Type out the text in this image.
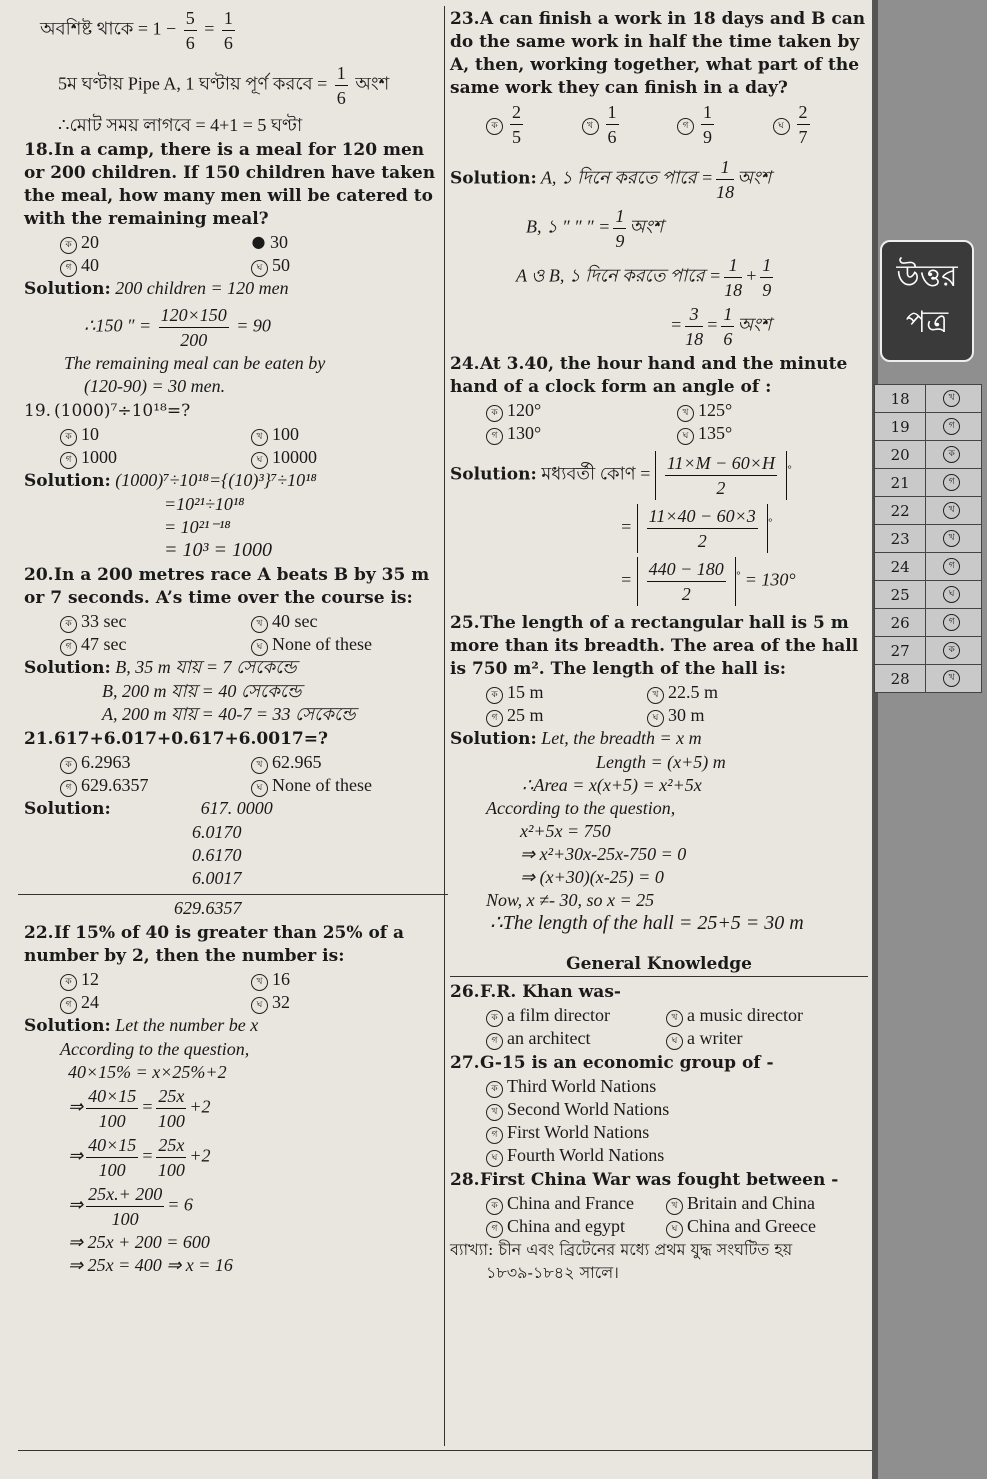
অবশিষ্ট থাকে = $1 - \frac{5}{6} = \frac{1}{6}$
5ম ঘণ্টায় Pipe A, 1 ঘণ্টায় পূর্ণ করবে = $\frac{1}{6}$ অংশ
∴মোট সময় লাগবে = 4+1 = 5 ঘণ্টা
18.In a camp, there is a meal for 120 men or 200 children. If 150 children have taken the meal, how many men will be catered to with the remaining meal?
ক 20	● 30
গ 40	ঘ 50
Solution: 200 children = 120 men
∴150 ″ = $\frac{120\times 150}{200} = 90$
The remaining meal can be eaten by
(120-90) = 30 men.
19. (1000)⁷÷10¹⁸=?
ক 10	খ 100
গ 1000	ঘ 10000
Solution: (1000)⁷÷10¹⁸={(10)³}⁷÷10¹⁸
=10²¹÷10¹⁸
= 10²¹⁻¹⁸
= 10³ = 1000
20.In a 200 metres race A beats B by 35 m or 7 seconds. A’s time over the course is:
ক 33 sec	খ 40 sec
গ 47 sec	ঘ None of these
Solution: B, 35 m যায় = 7 সেকেন্ডে
B, 200 m যায় = 40 সেকেন্ডে
A, 200 m যায় = 40-7 = 33 সেকেন্ডে
21.617+6.017+0.617+6.0017=?
ক 6.2963	খ 62.965
গ 629.6357	ঘ None of these
Solution:	617. 0000
6.0170
0.6170
6.0017
629.6357
22.If 15% of 40 is greater than 25% of a number by 2, then the number is:
ক 12	খ 16
গ 24	ঘ 32
Solution: Let the number be x
According to the question,
40×15% = x×25%+2
⇒ $\frac{40\times 15}{100} = \frac{25x}{100} +2$
⇒ $\frac{40\times 15}{100} = \frac{25x}{100} +2$
⇒ $\frac{25x.+ 200}{100} = 6$
⇒ 25x + 200 = 600
⇒ 25x = 400 ⇒ x = 16
23.A can finish a work in 18 days and B can do the same work in half the time taken by A, then, working together, what part of the same work they can finish in a day?
ক $\frac{2}{5}$	খ $\frac{1}{6}$	গ $\frac{1}{9}$	ঘ $\frac{2}{7}$
Solution: A, ১ দিনে করতে পারে = $\frac{1}{18}$ অংশ
B, ১ ″ ″ ″ = $\frac{1}{9}$ অংশ
A ও B, ১ দিনে করতে পারে = $\frac{1}{18} + \frac{1}{9}$
= $\frac{3}{18} = \frac{1}{6}$ অংশ
24.At 3.40, the hour hand and the minute hand of a clock form an angle of :
ক 120°	খ 125°
গ 130°	ঘ 135°
Solution: মধ্যবর্তী কোণ = $\frac{11\times M - 60\times H}{2} ^\circ$
= $\frac{11\times 40 - 60\times 3}{2} ^\circ$
= $\frac{440 - 180}{2} ^\circ = 130^\circ$
25.The length of a rectangular hall is 5 m more than its breadth. The area of the hall is 750 m². The length of the hall is:
ক 15 m	খ 22.5 m
গ 25 m	ঘ 30 m
Solution: Let, the breadth = x m
Length = (x+5) m
∴Area = x(x+5) = x²+5x
According to the question,
x²+5x = 750
⇒ x²+30x-25x-750 = 0
⇒ (x+30)(x-25) = 0
Now, x ≠- 30, so x = 25
∴The length of the hall = 25+5 = 30 m
General Knowledge
26.F.R. Khan was-
ক a film director	খ a music director
গ an architect	ঘ a writer
27.G-15 is an economic group of -
ক Third World Nations
খ Second World Nations
গ First World Nations
ঘ Fourth World Nations
28.First China War was fought between -
ক China and France	খ Britain and China
গ China and egypt	ঘ China and Greece
ব্যাখ্যা: চীন এবং ব্রিটেনের মধ্যে প্রথম যুদ্ধ সংঘটিত হয়
১৮৩৯-১৮৪২ সালে।
উত্তর
পত্র
18	খ
19	গ
20	ক
21	গ
22	খ
23	খ
24	গ
25	ঘ
26	গ
27	ক
28	খ
